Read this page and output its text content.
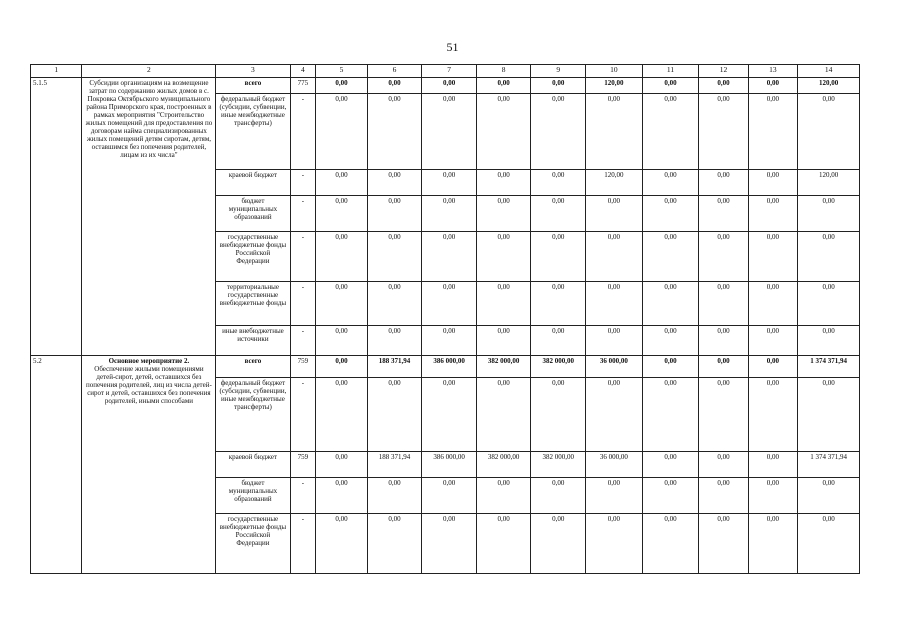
51
1	2	3	4	5	6	7	8	9	10	11	12	13	14
5.1.5	Субсидии организациям на возмещение затрат по содержанию жилых домов в с. Покровка Октябрьского муниципального района Приморского края, построенных в рамках мероприятия "Строительство жилых помещений для предоставления по договорам найма специализированных жилых помещений детям сиротам, детям, оставшимся без попечения родителей, лицам из их числа"	всего	775	0,00	0,00	0,00	0,00	0,00	120,00	0,00	0,00	0,00	120,00
		федеральный бюджет (субсидии, субвенции, иные межбюджетные трансферты)	-	0,00	0,00	0,00	0,00	0,00	0,00	0,00	0,00	0,00	0,00
		краевой бюджет	-	0,00	0,00	0,00	0,00	0,00	120,00	0,00	0,00	0,00	120,00
		бюджет муниципальных образований	-	0,00	0,00	0,00	0,00	0,00	0,00	0,00	0,00	0,00	0,00
		государственные внебюджетные фонды Российской Федерации	-	0,00	0,00	0,00	0,00	0,00	0,00	0,00	0,00	0,00	0,00
		территориальные государственные внебюджетные фонды	-	0,00	0,00	0,00	0,00	0,00	0,00	0,00	0,00	0,00	0,00
		иные внебюджетные источники	-	0,00	0,00	0,00	0,00	0,00	0,00	0,00	0,00	0,00	0,00
5.2	Основное мероприятие 2.
Обеспечение жилыми помещениями детей-сирот, детей, оставшихся без попечения родителей, лиц из числа детей-сирот и детей, оставшихся без попечения родителей, иными способами	всего	759	0,00	188 371,94	386 000,00	382 000,00	382 000,00	36 000,00	0,00	0,00	0,00	1 374 371,94
		федеральный бюджет (субсидии, субвенции, иные межбюджетные трансферты)	-	0,00	0,00	0,00	0,00	0,00	0,00	0,00	0,00	0,00	0,00
		краевой бюджет	759	0,00	188 371,94	386 000,00	382 000,00	382 000,00	36 000,00	0,00	0,00	0,00	1 374 371,94
		бюджет муниципальных образований	-	0,00	0,00	0,00	0,00	0,00	0,00	0,00	0,00	0,00	0,00
		государственные внебюджетные фонды Российской Федерации	-	0,00	0,00	0,00	0,00	0,00	0,00	0,00	0,00	0,00	0,00
